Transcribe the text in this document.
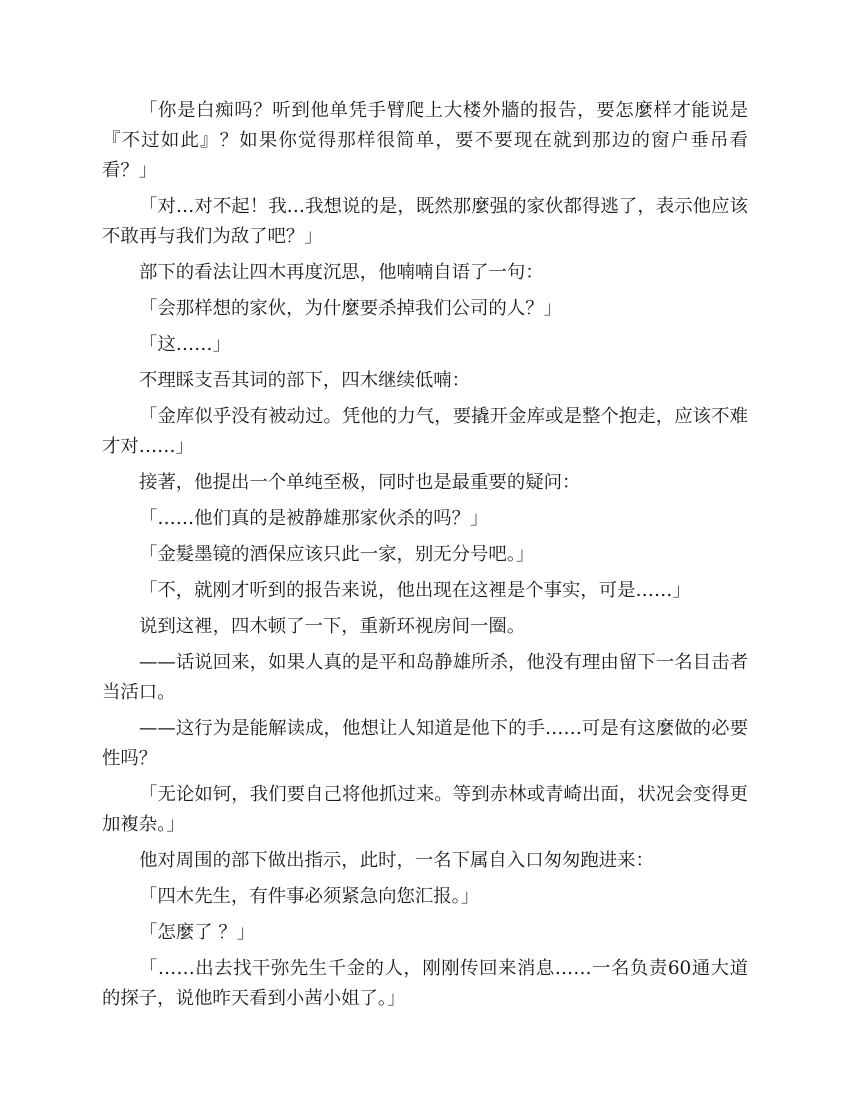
「你是白痴吗？听到他单凭手臂爬上大楼外牆的报告，要怎麼样才能说是『不过如此』？如果你觉得那样很简单，要不要现在就到那边的窗户垂吊看看？」

「对…对不起！我…我想说的是，既然那麼强的家伙都得逃了，表示他应该不敢再与我们为敌了吧？」

部下的看法让四木再度沉思，他喃喃自语了一句：

「会那样想的家伙，为什麼要杀掉我们公司的人？」

「这……」

不理睬支吾其词的部下，四木继续低喃：

「金库似乎没有被动过。凭他的力气，要撬开金库或是整个抱走，应该不难才对……」

接著，他提出一个单纯至极，同时也是最重要的疑问：

「……他们真的是被静雄那家伙杀的吗？」

「金髮墨镜的酒保应该只此一家，别无分号吧。」

「不，就刚才听到的报告来说，他出现在这裡是个事实，可是……」

说到这裡，四木顿了一下，重新环视房间一圈。

——话说回来，如果人真的是平和岛静雄所杀，他没有理由留下一名目击者当活口。

——这行为是能解读成，他想让人知道是他下的手……可是有这麼做的必要性吗？

「无论如钶，我们要自己将他抓过来。等到赤林或青崎出面，状况会变得更加複杂。」

他对周围的部下做出指示，此时，一名下属自入口匆匆跑进来：

「四木先生，有件事必须紧急向您汇报。」

「怎麼了 ？」

「……出去找干弥先生千金的人，刚刚传回来消息……一名负责60通大道的探子，说他昨天看到小茜小姐了。」
